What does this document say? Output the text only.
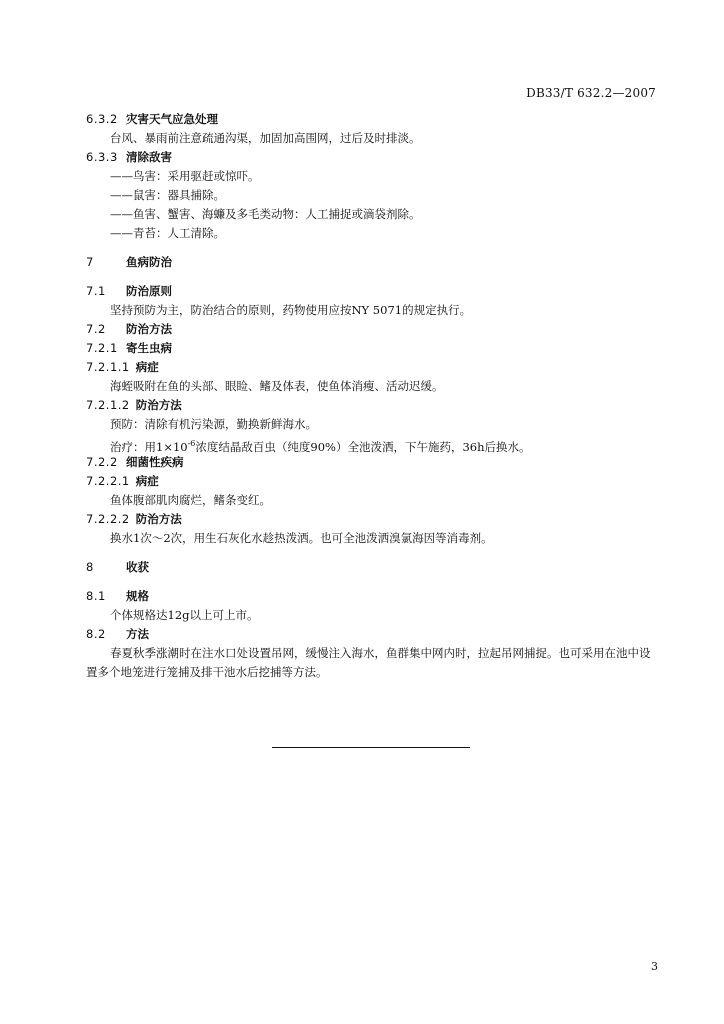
DB33/T 632.2—2007
6.3.2 灾害天气应急处理
台风、暴雨前注意疏通沟渠，加固加高围网，过后及时排淡。
6.3.3 清除敌害
——鸟害：采用驱赶或惊吓。
——鼠害：器具捕除。
——鱼害、蟹害、海蠊及多毛类动物：人工捕捉或滴袋剂除。
——青苔：人工清除。
7	鱼病防治
7.1 防治原则
坚持预防为主，防治结合的原则，药物使用应按NY 5071的规定执行。
7.2 防治方法
7.2.1 寄生虫病
7.2.1.1 病症
海蛭吸附在鱼的头部、眼睑、鳍及体表，使鱼体消瘦、活动迟缓。
7.2.1.2 防治方法
预防：清除有机污染源，勤换新鲜海水。
治疗：用$1\times 10^{-6}$浓度结晶敌百虫（纯度90%）全池泼洒，下午施药，36h后换水。
7.2.2 细菌性疾病
7.2.2.1 病症
鱼体腹部肌肉腐烂，鳍条变红。
7.2.2.2 防治方法
换水1次～2次，用生石灰化水趁热泼洒。也可全池泼洒溴氯海因等消毒剂。
8	收获
8.1 规格
个体规格达12g以上可上市。
8.2 方法
春夏秋季涨潮时在注水口处设置吊网，缓慢注入海水，鱼群集中网内时，拉起吊网捕捉。也可采用在池中设置多个地笼进行笼捕及排干池水后挖捕等方法。
3
